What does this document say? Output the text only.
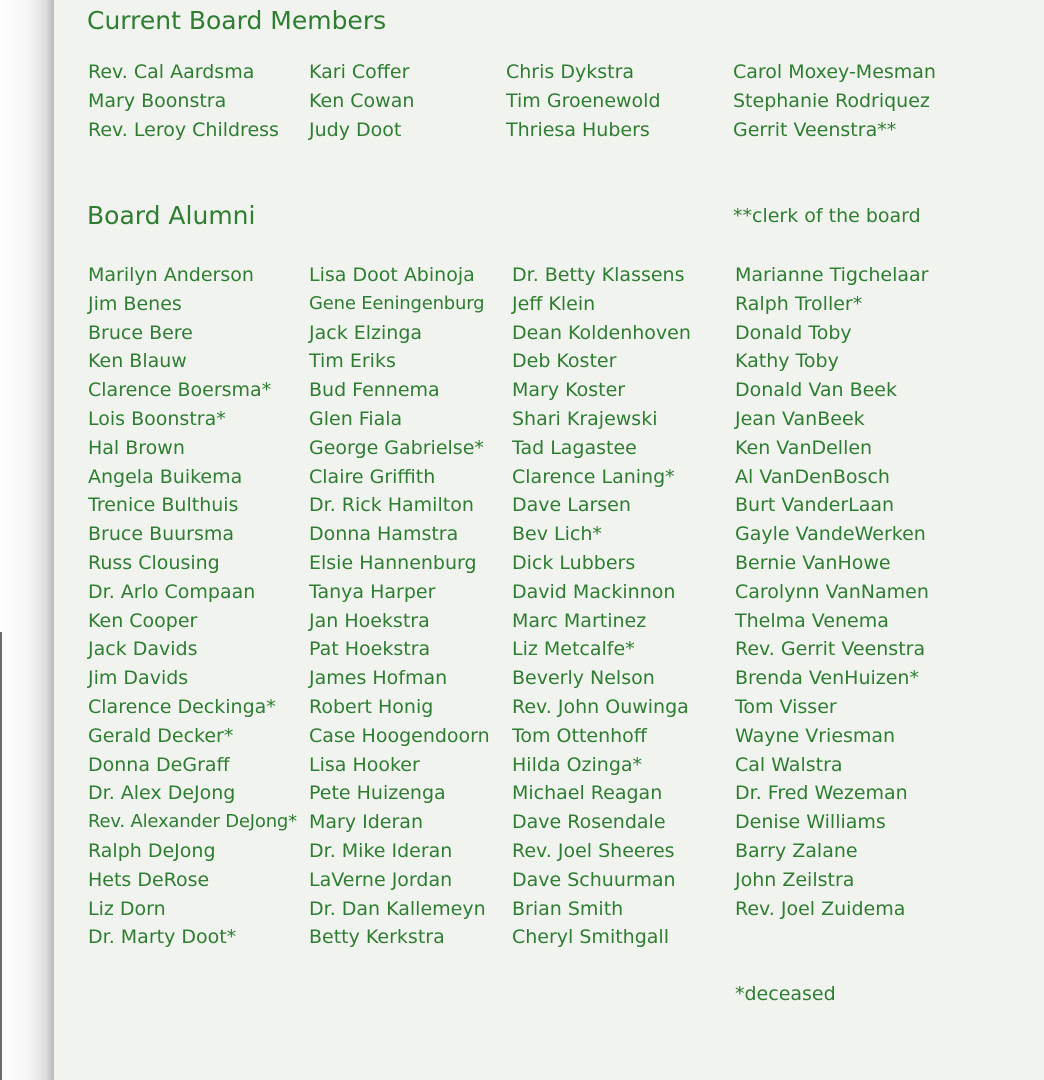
Current Board Members
Rev. Cal Aardsma
Mary Boonstra
Rev. Leroy Childress
Kari Coffer
Ken Cowan
Judy Doot
Chris Dykstra
Tim Groenewold
Thriesa Hubers
Carol Moxey-Mesman
Stephanie Rodriquez
Gerrit Veenstra**
Board Alumni	**clerk of the board

Marilyn Anderson
Jim Benes
Bruce Bere
Ken Blauw
Clarence Boersma*
Lois Boonstra*
Hal Brown
Angela Buikema
Trenice Bulthuis
Bruce Buursma
Russ Clousing
Dr. Arlo Compaan
Ken Cooper
Jack Davids
Jim Davids
Clarence Deckinga*
Gerald Decker*
Donna DeGraff
Dr. Alex DeJong
Rev. Alexander DeJong*
Ralph DeJong
Hets DeRose
Liz Dorn
Dr. Marty Doot*
Lisa Doot Abinoja
Gene Eeningenburg
Jack Elzinga
Tim Eriks
Bud Fennema
Glen Fiala
George Gabrielse*
Claire Griffith
Dr. Rick Hamilton
Donna Hamstra
Elsie Hannenburg
Tanya Harper
Jan Hoekstra
Pat Hoekstra
James Hofman
Robert Honig
Case Hoogendoorn
Lisa Hooker
Pete Huizenga
Mary Ideran
Dr. Mike Ideran
LaVerne Jordan
Dr. Dan Kallemeyn
Betty Kerkstra
Dr. Betty Klassens
Jeff Klein
Dean Koldenhoven
Deb Koster
Mary Koster
Shari Krajewski
Tad Lagastee
Clarence Laning*
Dave Larsen
Bev Lich*
Dick Lubbers
David Mackinnon
Marc Martinez
Liz Metcalfe*
Beverly Nelson
Rev. John Ouwinga
Tom Ottenhoff
Hilda Ozinga*
Michael Reagan
Dave Rosendale
Rev. Joel Sheeres
Dave Schuurman
Brian Smith
Cheryl Smithgall
Marianne Tigchelaar
Ralph Troller*
Donald Toby
Kathy Toby
Donald Van Beek
Jean VanBeek
Ken VanDellen
Al VanDenBosch
Burt VanderLaan
Gayle VandeWerken
Bernie VanHowe
Carolynn VanNamen
Thelma Venema
Rev. Gerrit Veenstra
Brenda VenHuizen*
Tom Visser
Wayne Vriesman
Cal Walstra
Dr. Fred Wezeman
Denise Williams
Barry Zalane
John Zeilstra
Rev. Joel Zuidema

*deceased
